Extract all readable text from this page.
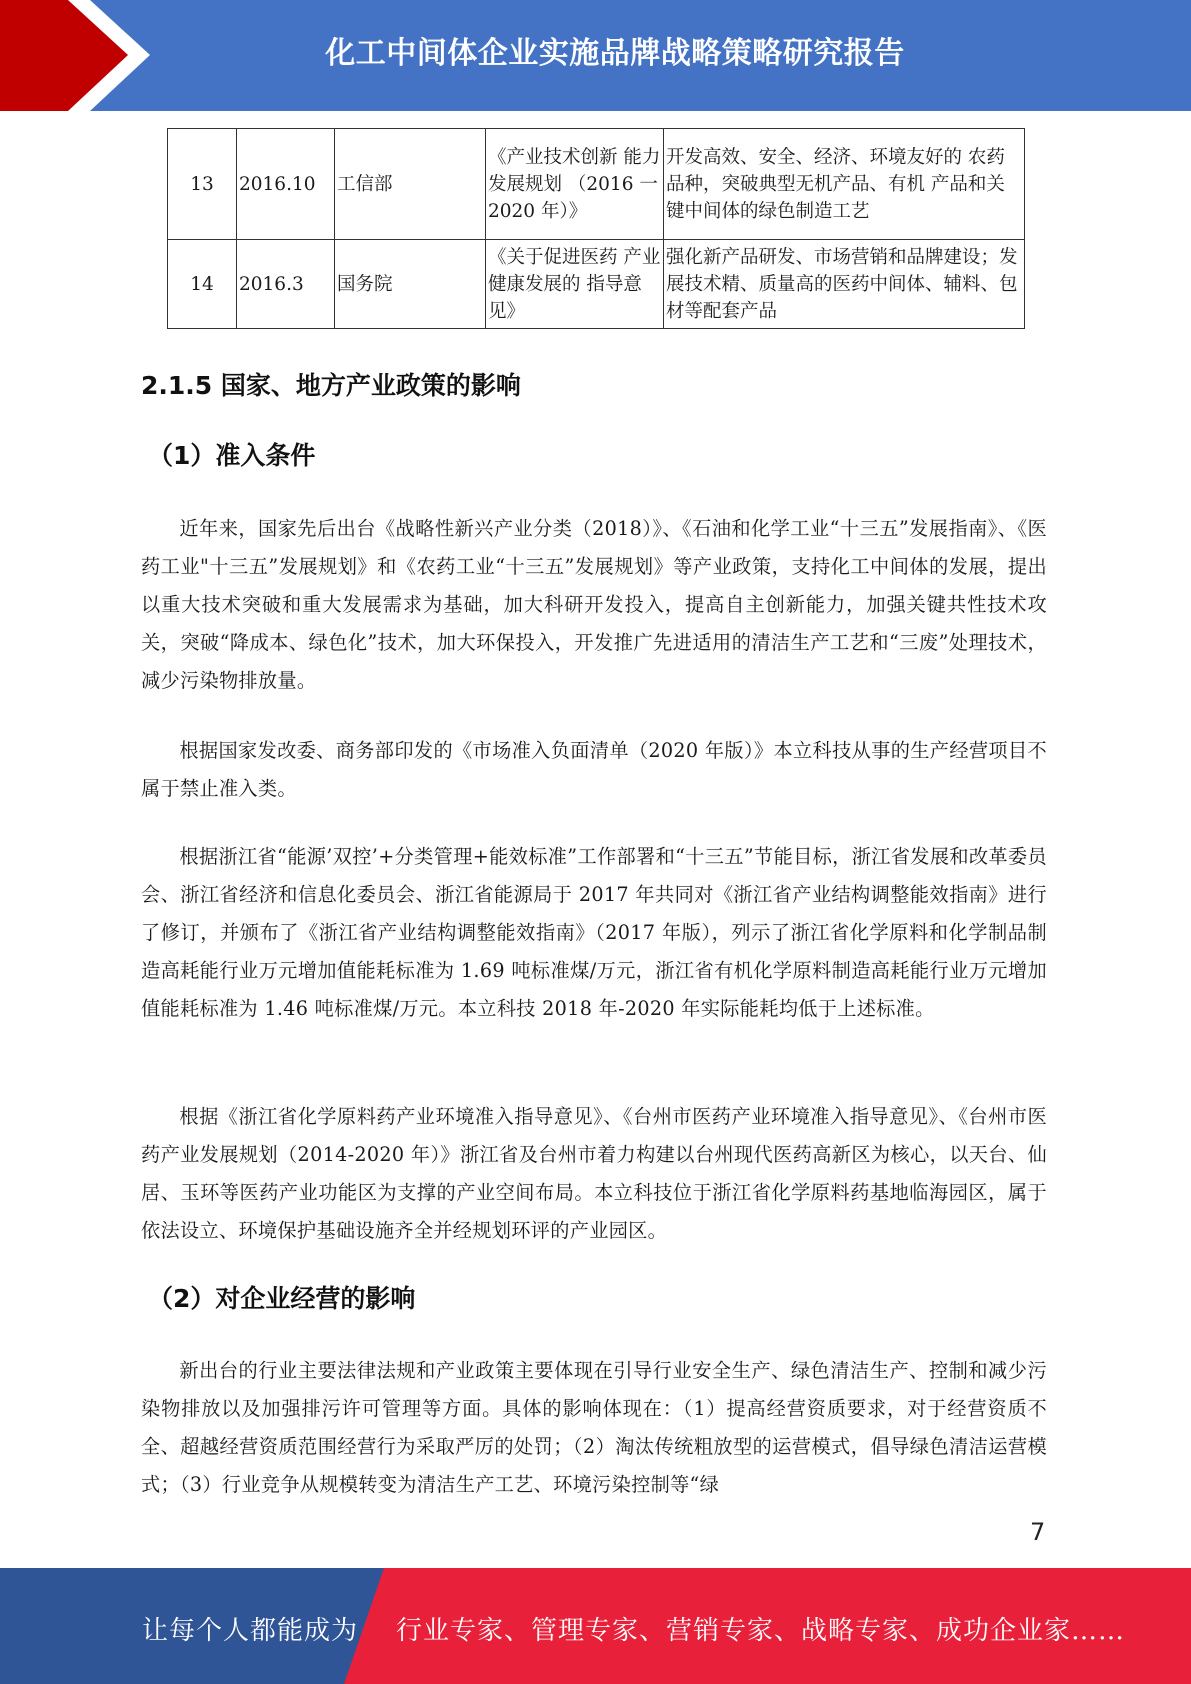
化工中间体企业实施品牌战略策略研究报告
13	2016.10	工信部	《产业技术创新 能力发展规划 （2016 一 2020 年）》	开发高效、安全、经济、环境友好的 农药品种，突破典型无机产品、有机 产品和关键中间体的绿色制造工艺
14	2016.3	国务院	《关于促进医药 产业健康发展的 指导意见》	强化新产品研发、市场营销和品牌建设；发展技术精、质量高的医药中间体、辅料、包材等配套产品
2.1.5 国家、地方产业政策的影响
（1）准入条件

近年来，国家先后出台《战略性新兴产业分类（2018）》、《石油和化学工业“十三五”发展指南》、《医药工业"十三五”发展规划》和《农药工业“十三五”发展规划》等产业政策，支持化工中间体的发展，提出以重大技术突破和重大发展需求为基础，加大科研开发投入，提高自主创新能力，加强关键共性技术攻关，突破“降成本、绿色化”技术，加大环保投入，开发推广先进适用的清洁生产工艺和“三废”处理技术，减少污染物排放量。

根据国家发改委、商务部印发的《市场准入负面清单（2020 年版）》本立科技从事的生产经营项目不属于禁止准入类。

根据浙江省“能源’双控’+分类管理+能效标准”工作部署和“十三五”节能目标，浙江省发展和改革委员会、浙江省经济和信息化委员会、浙江省能源局于 2017 年共同对《浙江省产业结构调整能效指南》进行了修订，并颁布了《浙江省产业结构调整能效指南》（2017 年版），列示了浙江省化学原料和化学制品制造高耗能行业万元增加值能耗标准为 1.69 吨标准煤/万元，浙江省有机化学原料制造高耗能行业万元增加值能耗标准为 1.46 吨标准煤/万元。本立科技 2018 年-2020 年实际能耗均低于上述标准。

根据《浙江省化学原料药产业环境准入指导意见》、《台州市医药产业环境准入指导意见》、《台州市医药产业发展规划（2014-2020 年）》浙江省及台州市着力构建以台州现代医药高新区为核心，以天台、仙居、玉环等医药产业功能区为支撑的产业空间布局。本立科技位于浙江省化学原料药基地临海园区，属于依法设立、环境保护基础设施齐全并经规划环评的产业园区。

（2）对企业经营的影响

新出台的行业主要法律法规和产业政策主要体现在引导行业安全生产、绿色清洁生产、控制和减少污染物排放以及加强排污许可管理等方面。具体的影响体现在：（1）提高经营资质要求，对于经营资质不全、超越经营资质范围经营行为采取严厉的处罚；（2）淘汰传统粗放型的运营模式，倡导绿色清洁运营模式；（3）行业竞争从规模转变为清洁生产工艺、环境污染控制等“绿

7
让每个人都能成为 行业专家、管理专家、营销专家、战略专家、成功企业家……
